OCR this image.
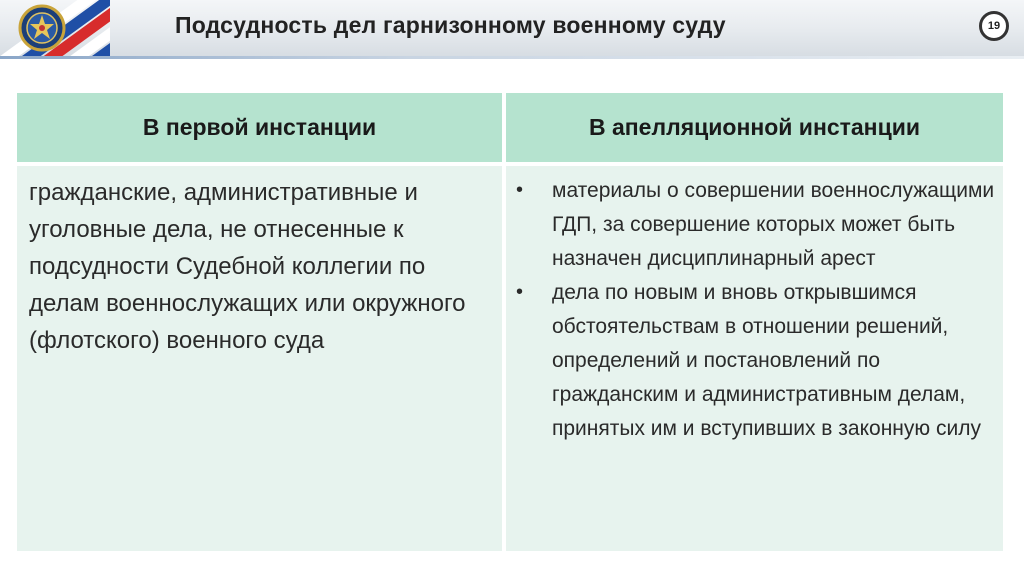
Подсудность дел гарнизонному военному суду	19
В первой инстанции	В апелляционной инстанции
гражданские, административные и уголовные дела, не отнесенные к подсудности Судебной коллегии по делам военнослужащих или окружного (флотского) военного суда
• материалы о совершении военнослужащими ГДП, за совершение которых может быть назначен дисциплинарный арест
• дела по новым и вновь открывшимся обстоятельствам в отношении решений, определений и постановлений по гражданским и административным делам, принятых им и вступивших в законную силу
